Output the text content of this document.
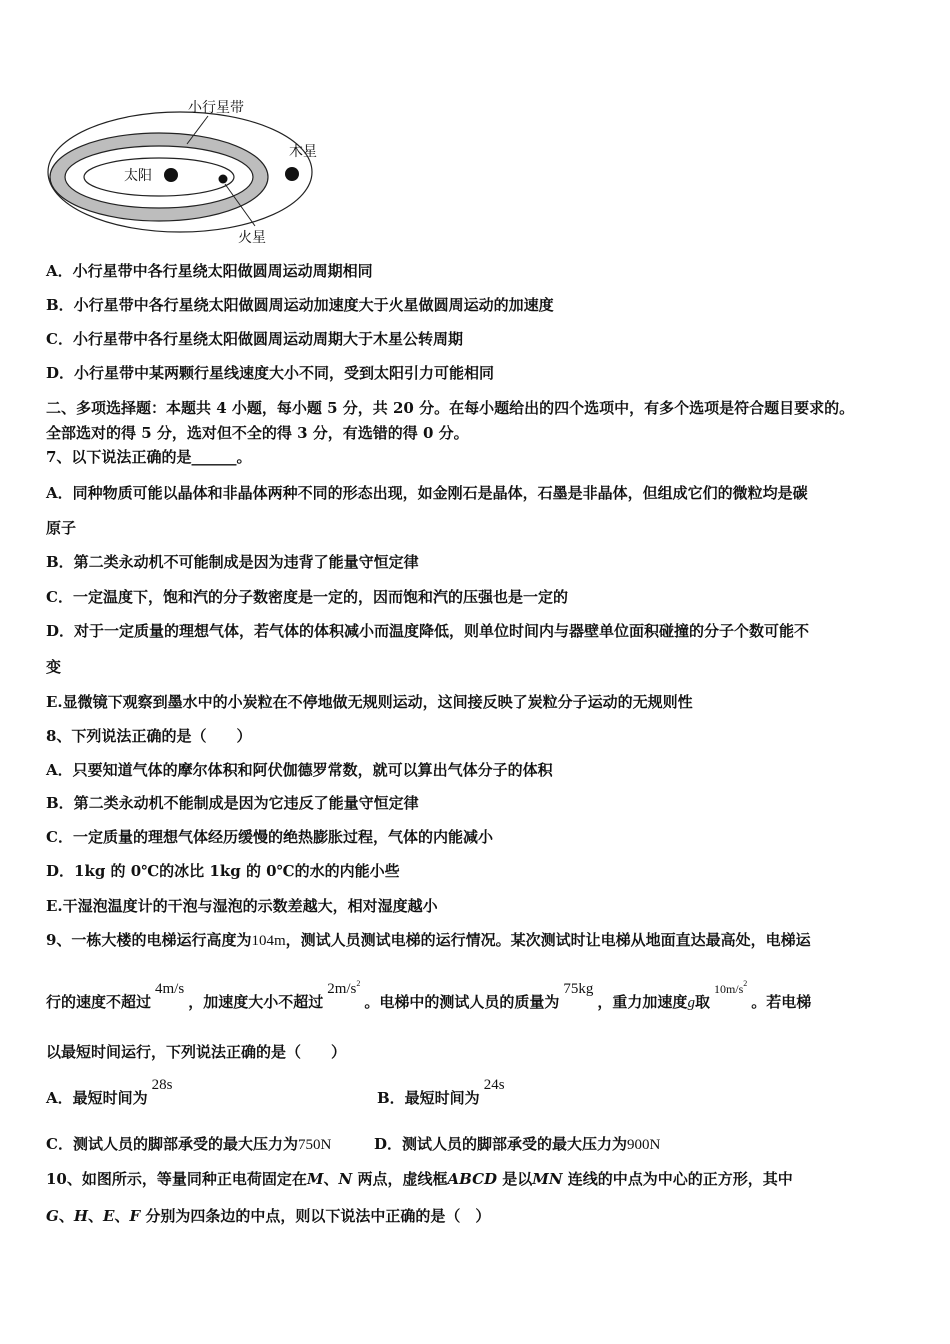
小行星带
木星
太阳
火星
A．小行星带中各行星绕太阳做圆周运动周期相同
B．小行星带中各行星绕太阳做圆周运动加速度大于火星做圆周运动的加速度
C．小行星带中各行星绕太阳做圆周运动周期大于木星公转周期
D．小行星带中某两颗行星线速度大小不同，受到太阳引力可能相同
二、多项选择题：本题共 4 小题，每小题 5 分，共 20 分。在每小题给出的四个选项中，有多个选项是符合题目要求的。
全部选对的得 5 分，选对但不全的得 3 分，有选错的得 0 分。
7、以下说法正确的是______。
A．同种物质可能以晶体和非晶体两种不同的形态出现，如金刚石是晶体，石墨是非晶体，但组成它们的微粒均是碳
原子
B．第二类永动机不可能制成是因为违背了能量守恒定律
C．一定温度下，饱和汽的分子数密度是一定的，因而饱和汽的压强也是一定的
D．对于一定质量的理想气体，若气体的体积减小而温度降低，则单位时间内与器壁单位面积碰撞的分子个数可能不
变
E.显微镜下观察到墨水中的小炭粒在不停地做无规则运动，这间接反映了炭粒分子运动的无规则性
8、下列说法正确的是（　　）
A．只要知道气体的摩尔体积和阿伏伽德罗常数，就可以算出气体分子的体积
B．第二类永动机不能制成是因为它违反了能量守恒定律
C．一定质量的理想气体经历缓慢的绝热膨胀过程，气体的内能减小
D．1kg 的 0℃的冰比 1kg 的 0℃的水的内能小些
E.干湿泡温度计的干泡与湿泡的示数差越大，相对湿度越小
9、一栋大楼的电梯运行高度为104m，测试人员测试电梯的运行情况。某次测试时让电梯从地面直达最高处，电梯运
行的速度不超过4m/s，加速度大小不超过$2m/s^2$。电梯中的测试人员的质量为75kg，重力加速度g取$^{10m/s^2}$。若电梯
以最短时间运行，下列说法正确的是（　　）
A．最短时间为28s
B．最短时间为24s
C．测试人员的脚部承受的最大压力为750N	D．测试人员的脚部承受的最大压力为900N
10、如图所示，等量同种正电荷固定在M、N 两点，虚线框ABCD 是以MN 连线的中点为中心的正方形，其中
G、H、E、F 分别为四条边的中点，则以下说法中正确的是（　）
